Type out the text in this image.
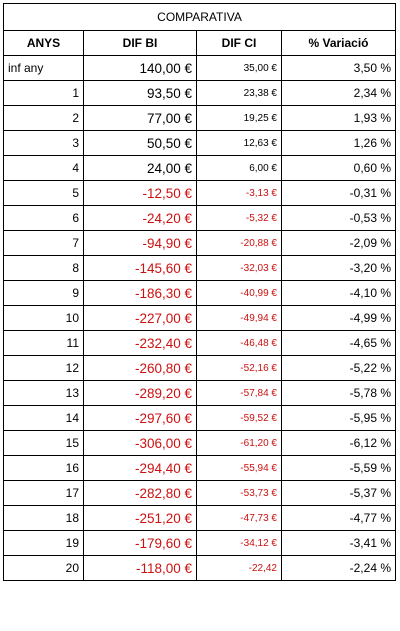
COMPARATIVA			
ANYS	DIF BI	DIF CI	% Variació
inf any	140,00 €	35,00 €	3,50 %
1	93,50 €	23,38 €	2,34 %
2	77,00 €	19,25 €	1,93 %
3	50,50 €	12,63 €	1,26 %
4	24,00 €	6,00 €	0,60 %
5	-12,50 €	-3,13 €	-0,31 %
6	-24,20 €	-5,32 €	-0,53 %
7	-94,90 €	-20,88 €	-2,09 %
8	-145,60 €	-32,03 €	-3,20 %
9	-186,30 €	-40,99 €	-4,10 %
10	-227,00 €	-49,94 €	-4,99 %
11	-232,40 €	-46,48 €	-4,65 %
12	-260,80 €	-52,16 €	-5,22 %
13	-289,20 €	-57,84 €	-5,78 %
14	-297,60 €	-59,52 €	-5,95 %
15	-306,00 €	-61,20 €	-6,12 %
16	-294,40 €	-55,94 €	-5,59 %
17	-282,80 €	-53,73 €	-5,37 %
18	-251,20 €	-47,73 €	-4,77 %
19	-179,60 €	-34,12 €	-3,41 %
20	-118,00 €	-22,42	-2,24 %
